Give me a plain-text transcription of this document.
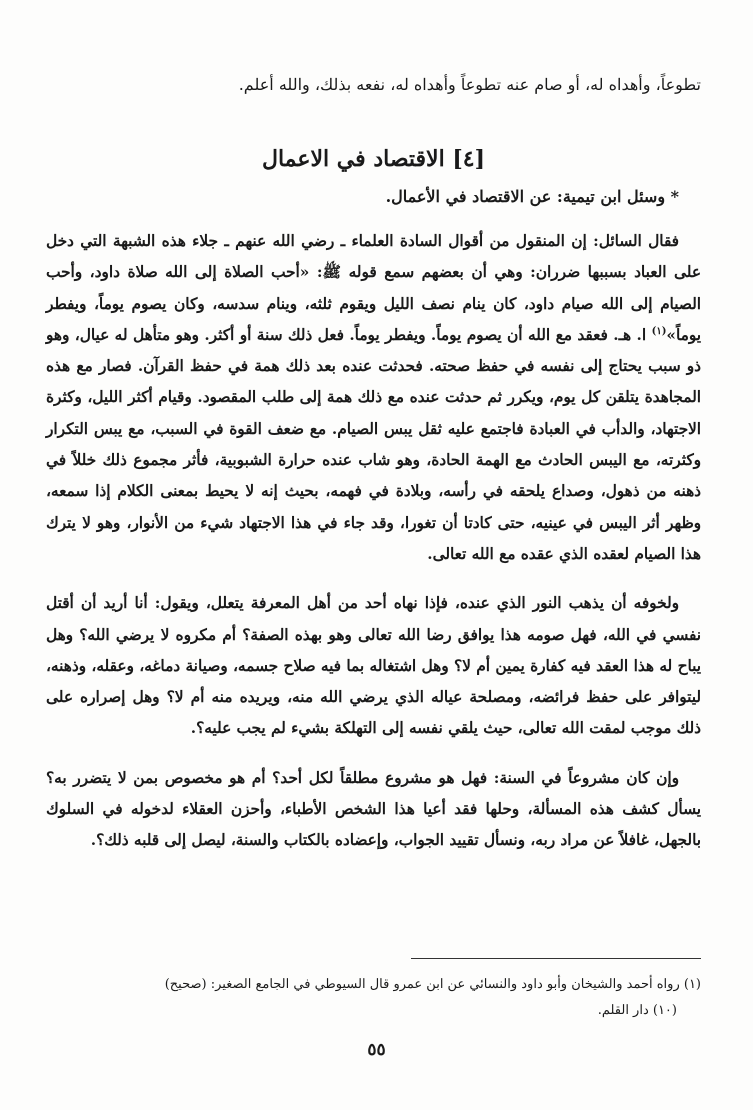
تطوعاً، وأهداه له، أو صام عنه تطوعاً وأهداه له، نفعه بذلك، والله أعلم.

[٤] الاقتصاد في الاعمال

* وسئل ابن تيمية: عن الاقتصاد في الأعمال.

فقال السائل: إن المنقول من أقوال السادة العلماء ـ رضي الله عنهم ـ جلاء هذه الشبهة التي دخل على العباد بسببها ضرران: وهي أن بعضهم سمع قوله ﷺ: «أحب الصلاة إلى الله صلاة داود، وأحب الصيام إلى الله صيام داود، كان ينام نصف الليل ويقوم ثلثه، وينام سدسه، وكان يصوم يوماً، ويفطر يوماً»$^{(١)}$ ا. هـ. فعقد مع الله أن يصوم يوماً. ويفطر يوماً. فعل ذلك سنة أو أكثر. وهو متأهل له عيال، وهو ذو سبب يحتاج إلى نفسه في حفظ صحته. فحدثت عنده بعد ذلك همة في حفظ القرآن. فصار مع هذه المجاهدة يتلقن كل يوم، ويكرر ثم حدثت عنده مع ذلك همة إلى طلب المقصود. وقيام أكثر الليل، وكثرة الاجتهاد، والدأب في العبادة فاجتمع عليه ثقل يبس الصيام. مع ضعف القوة في السبب، مع يبس التكرار وكثرته، مع اليبس الحادث مع الهمة الحادة، وهو شاب عنده حرارة الشبوبية، فأثر مجموع ذلك خللاً في ذهنه من ذهول، وصداع يلحقه في رأسه، وبلادة في فهمه، بحيث إنه لا يحيط بمعنى الكلام إذا سمعه، وظهر أثر اليبس في عينيه، حتى كادتا أن تغورا، وقد جاء في هذا الاجتهاد شيء من الأنوار، وهو لا يترك هذا الصيام لعقده الذي عقده مع الله تعالى.

ولخوفه أن يذهب النور الذي عنده، فإذا نهاه أحد من أهل المعرفة يتعلل، ويقول: أنا أريد أن أقتل نفسي في الله، فهل صومه هذا يوافق رضا الله تعالى وهو بهذه الصفة؟ أم مكروه لا يرضي الله؟ وهل يباح له هذا العقد فيه كفارة يمين أم لا؟ وهل اشتغاله بما فيه صلاح جسمه، وصيانة دماغه، وعقله، وذهنه، ليتوافر على حفظ فرائضه، ومصلحة عياله الذي يرضي الله منه، ويريده منه أم لا؟ وهل إصراره على ذلك موجب لمقت الله تعالى، حيث يلقي نفسه إلى التهلكة بشيء لم يجب عليه؟.

وإن كان مشروعاً في السنة: فهل هو مشروع مطلقاً لكل أحد؟ أم هو مخصوص بمن لا يتضرر به؟ يسأل كشف هذه المسألة، وحلها فقد أعيا هذا الشخص الأطباء، وأحزن العقلاء لدخوله في السلوك بالجهل، غافلاً عن مراد ربه، ونسأل تقييد الجواب، وإعضاده بالكتاب والسنة، ليصل إلى قلبه ذلك؟.

(١) رواه أحمد والشيخان وأبو داود والنسائي عن ابن عمرو قال السيوطي في الجامع الصغير: (صحيح)

(١٠) دار القلم.

٥٥
